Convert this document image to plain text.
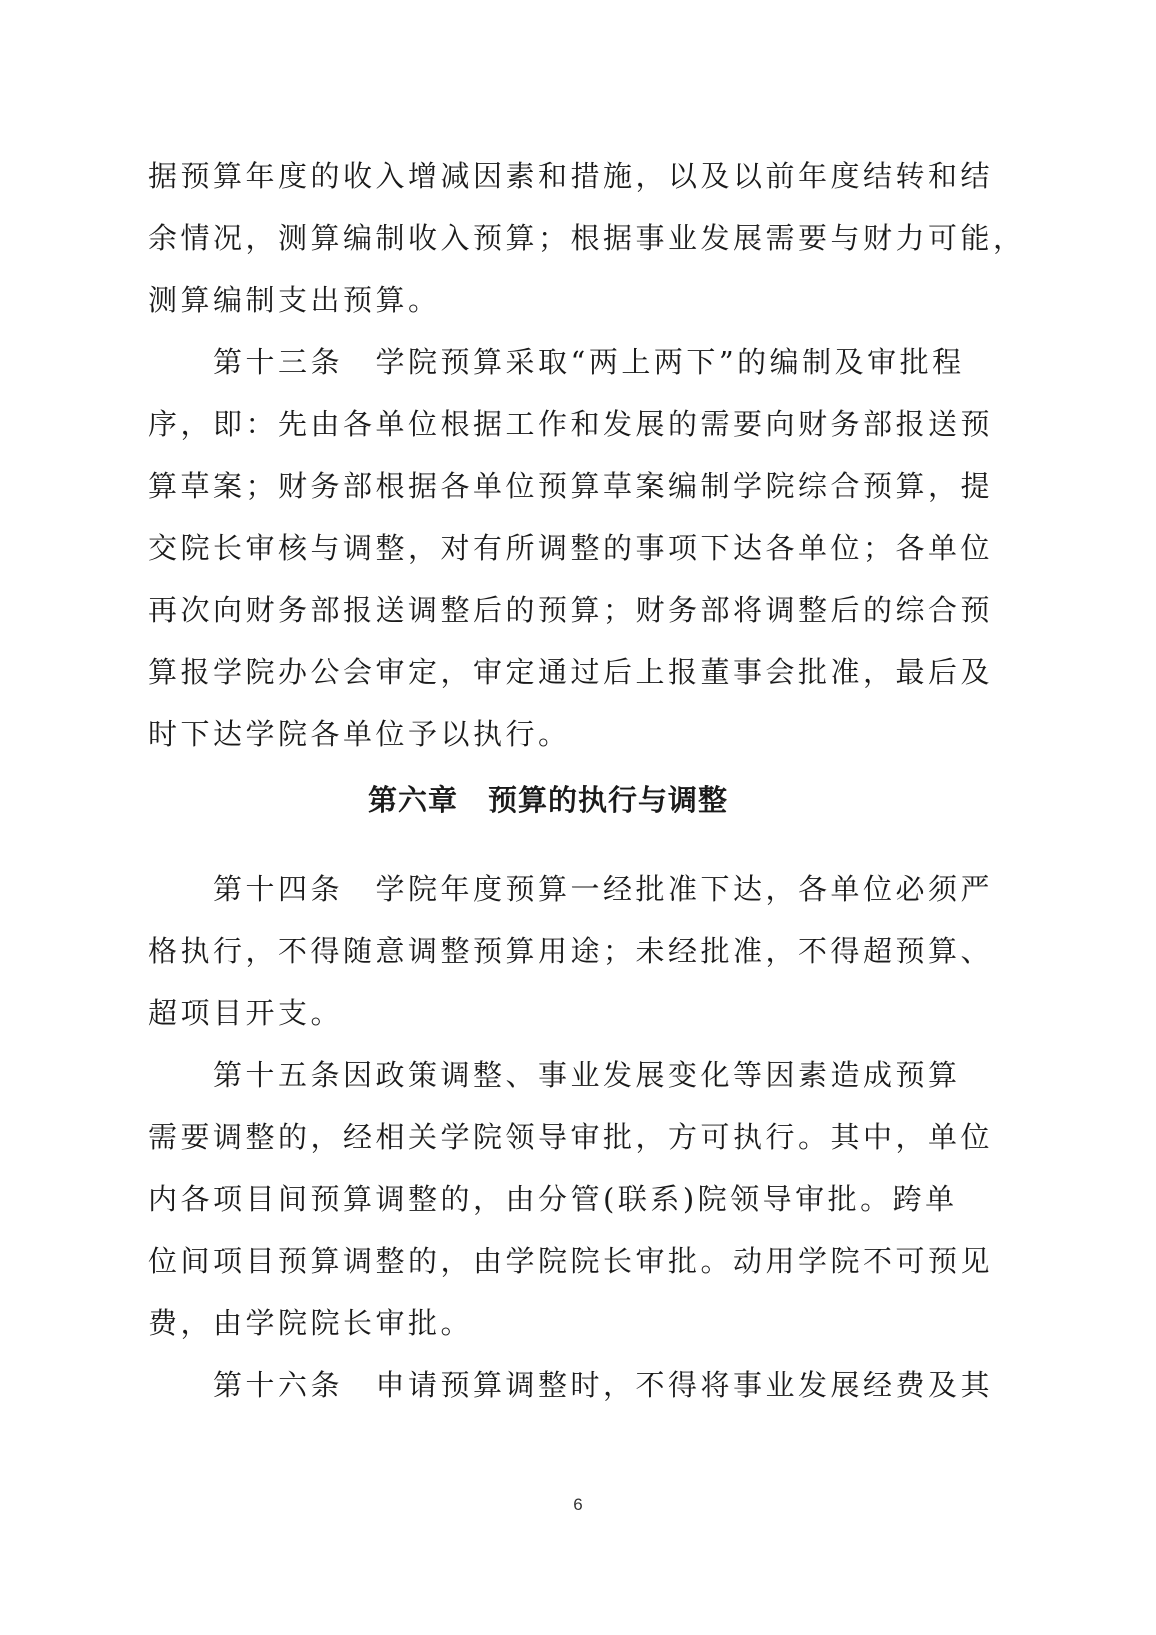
据预算年度的收入增减因素和措施，以及以前年度结转和结
余情况，测算编制收入预算；根据事业发展需要与财力可能，
测算编制支出预算。
第十三条　学院预算采取“两上两下”的编制及审批程
序，即：先由各单位根据工作和发展的需要向财务部报送预
算草案；财务部根据各单位预算草案编制学院综合预算，提
交院长审核与调整，对有所调整的事项下达各单位；各单位
再次向财务部报送调整后的预算；财务部将调整后的综合预
算报学院办公会审定，审定通过后上报董事会批准，最后及
时下达学院各单位予以执行。
第六章　预算的执行与调整
第十四条　学院年度预算一经批准下达，各单位必须严
格执行，不得随意调整预算用途；未经批准，不得超预算、
超项目开支。
第十五条因政策调整、事业发展变化等因素造成预算
需要调整的，经相关学院领导审批，方可执行。其中，单位
内各项目间预算调整的，由分管(联系)院领导审批。跨单
位间项目预算调整的，由学院院长审批。动用学院不可预见
费，由学院院长审批。
第十六条　申请预算调整时，不得将事业发展经费及其
6
